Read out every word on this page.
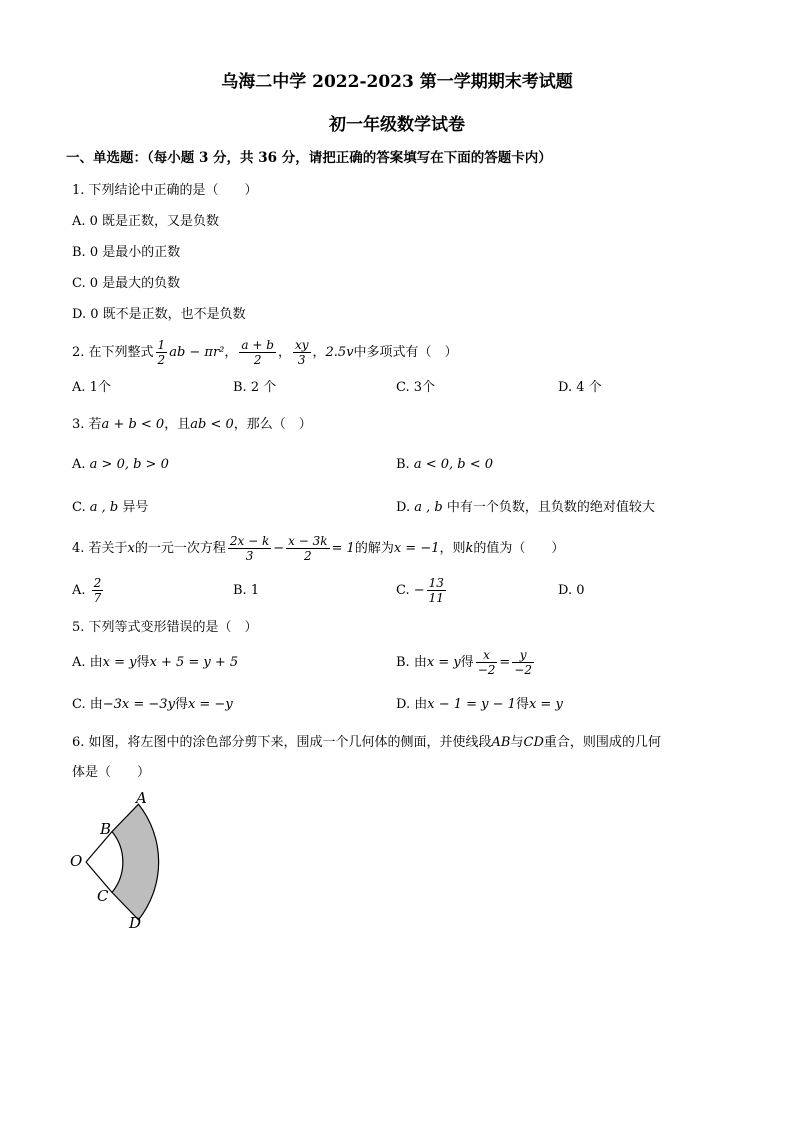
乌海二中学 2022-2023 第一学期期末考试题
初一年级数学试卷
一、单选题：（每小题 3 分，共 36 分，请把正确的答案填写在下面的答题卡内）
1. 下列结论中正确的是（　　）
A. 0 既是正数，又是负数
B. 0 是最小的正数
C. 0 是最大的负数
D. 0 既不是正数，也不是负数
2. 在下列整式 $\frac{1}{2}$ ab − πr²， $\frac{a + b}{2}$ ， $\frac{xy}{3}$ ，2.5v中多项式有（　）
A. 1个	B. 2 个	C. 3个	D. 4 个
3. 若a + b < 0，且ab < 0，那么（　）
A. a > 0, b > 0	B. a < 0, b < 0
C. a , b 异号	D. a , b 中有一个负数，且负数的绝对值较大
4. 若关于x的一元一次方程 $\frac{2x - k}{3} - \frac{x - 3k}{2} = 1$的解为x = −1，则k的值为（　　）
A. $\frac{2}{7}$	B. 1	C. − $\frac{13}{11}$	D. 0
5. 下列等式变形错误的是（　）
A. 由x = y得x + 5 = y + 5	B. 由x = y得 $\frac{x}{-2} = \frac{y}{-2}$
C. 由−3x = −3y得x = −y	D. 由x − 1 = y − 1得x = y
6. 如图，将左图中的涂色部分剪下来，围成一个几何体的侧面，并使线段AB与CD重合，则围成的几何
体是（　　）
A
B
O
C
D
